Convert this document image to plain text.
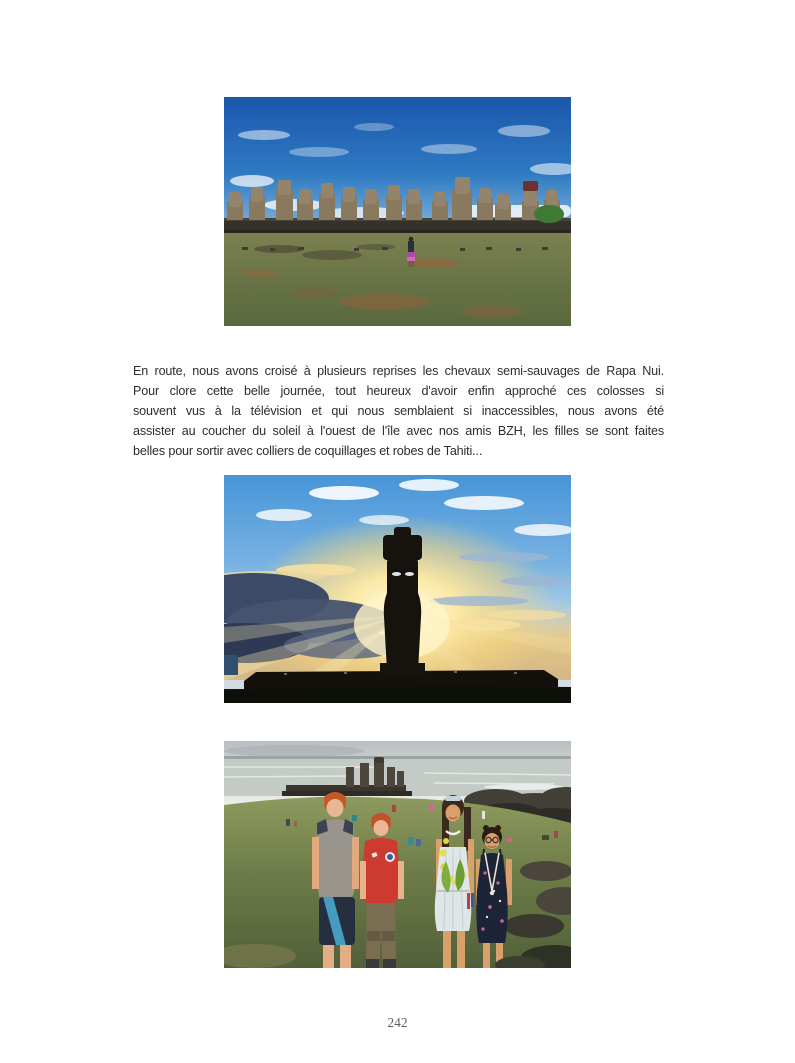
En route, nous avons croisé à plusieurs reprises les chevaux semi-sauvages de Rapa Nui.
Pour clore cette belle journée, tout heureux d'avoir enfin approché ces colosses si
souvent vus à la télévision et qui nous semblaient si inaccessibles, nous avons été
assister au coucher du soleil à l'ouest de l'île avec nos amis BZH, les filles se sont faites
belles pour sortir avec colliers de coquillages et robes de Tahiti...
242
